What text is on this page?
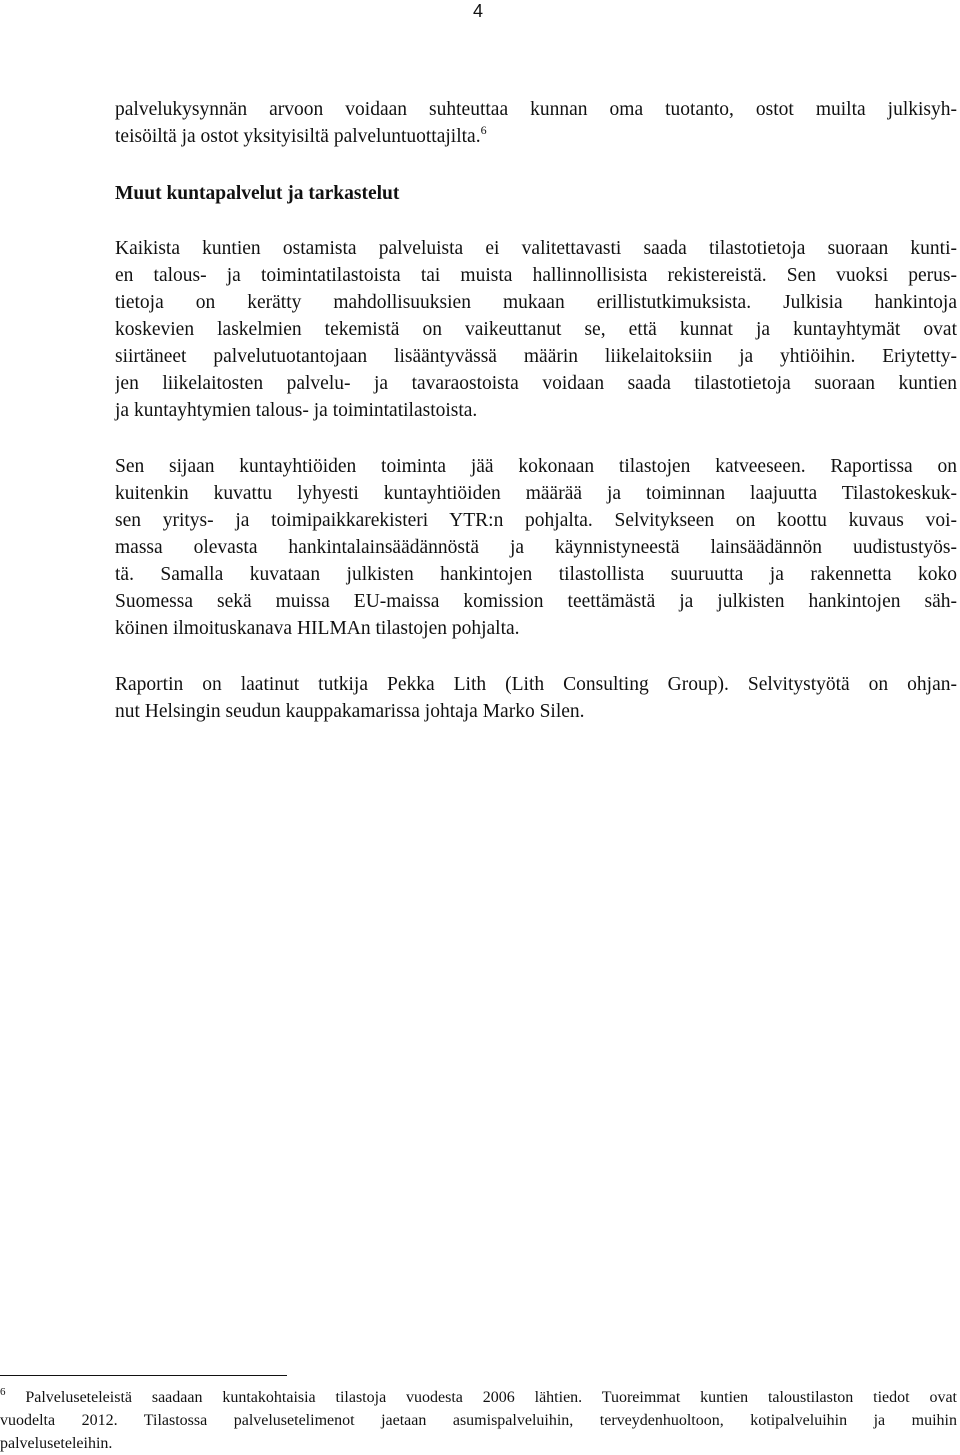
4
palvelukysynnän arvoon voidaan suhteuttaa kunnan oma tuotanto, ostot muilta julkisyh-
teisöiltä ja ostot yksityisiltä palveluntuottajilta.$^6$
Muut kuntapalvelut ja tarkastelut
Kaikista kuntien ostamista palveluista ei valitettavasti saada tilastotietoja suoraan kunti-
en talous- ja toimintatilastoista tai muista hallinnollisista rekistereistä. Sen vuoksi perus-
tietoja on kerätty mahdollisuuksien mukaan erillistutkimuksista. Julkisia hankintoja
koskevien laskelmien tekemistä on vaikeuttanut se, että kunnat ja kuntayhtymät ovat
siirtäneet palvelutuotantojaan lisääntyvässä määrin liikelaitoksiin ja yhtiöihin. Eriytetty-
jen liikelaitosten palvelu- ja tavaraostoista voidaan saada tilastotietoja suoraan kuntien
ja kuntayhtymien talous- ja toimintatilastoista.
Sen sijaan kuntayhtiöiden toiminta jää kokonaan tilastojen katveeseen. Raportissa on
kuitenkin kuvattu lyhyesti kuntayhtiöiden määrää ja toiminnan laajuutta Tilastokeskuk-
sen yritys- ja toimipaikkarekisteri YTR:n pohjalta. Selvitykseen on koottu kuvaus voi-
massa olevasta hankintalainsäädännöstä ja käynnistyneestä lainsäädännön uudistustyös-
tä. Samalla kuvataan julkisten hankintojen tilastollista suuruutta ja rakennetta koko
Suomessa sekä muissa EU-maissa komission teettämästä ja julkisten hankintojen säh-
köinen ilmoituskanava HILMAn tilastojen pohjalta.
Raportin on laatinut tutkija Pekka Lith (Lith Consulting Group). Selvitystyötä on ohjan-
nut Helsingin seudun kauppakamarissa johtaja Marko Silen.
$^6$ Palveluseteleistä saadaan kuntakohtaisia tilastoja vuodesta 2006 lähtien. Tuoreimmat kuntien taloustilaston tiedot ovat
vuodelta 2012. Tilastossa palvelusetelimenot jaetaan asumispalveluihin, terveydenhuoltoon, kotipalveluihin ja muihin
palveluseteleihin.
